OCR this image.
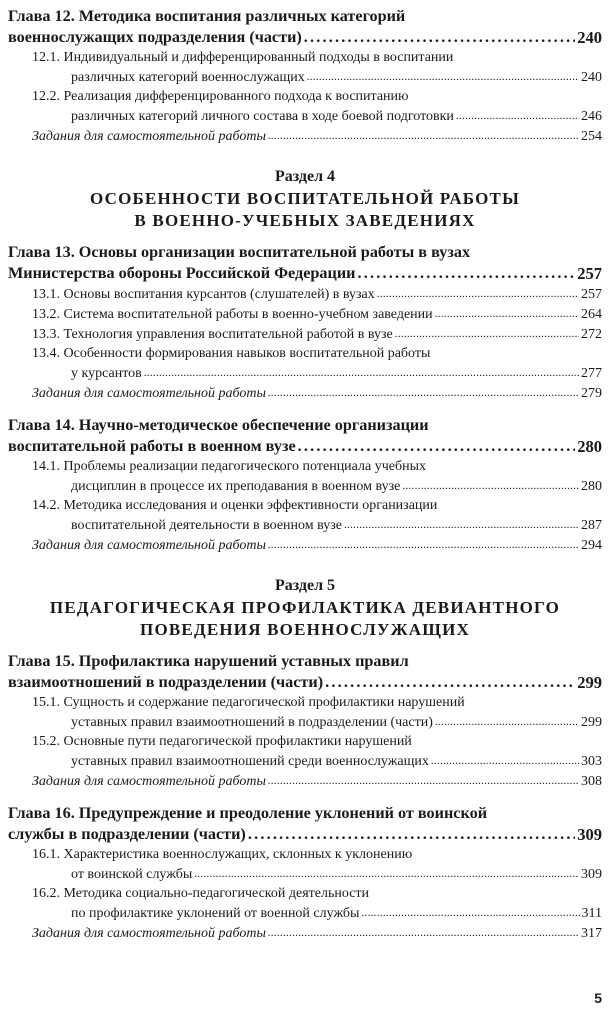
Глава 12. Методика воспитания различных категорий
военнослужащих подразделения (части) .....	240
12.1. Индивидуальный и дифференцированный подходы в воспитании
различных категорий военнослужащих .....	240
12.2. Реализация дифференцированного подхода к воспитанию
различных категорий личного состава в ходе боевой подготовки .....	246
Задания для самостоятельной работы .....	254
Раздел 4
ОСОБЕННОСТИ ВОСПИТАТЕЛЬНОЙ РАБОТЫ
В ВОЕННО-УЧЕБНЫХ ЗАВЕДЕНИЯХ
Глава 13. Основы организации воспитательной работы в вузах
Министерства обороны Российской Федерации .....	257
13.1. Основы воспитания курсантов (слушателей) в вузах .....	257
13.2. Система воспитательной работы в военно-учебном заведении .....	264
13.3. Технология управления воспитательной работой в вузе .....	272
13.4. Особенности формирования навыков воспитательной работы
у курсантов .....	277
Задания для самостоятельной работы .....	279
Глава 14. Научно-методическое обеспечение организации
воспитательной работы в военном вузе .....	280
14.1. Проблемы реализации педагогического потенциала учебных
дисциплин в процессе их преподавания в военном вузе .....	280
14.2. Методика исследования и оценки эффективности организации
воспитательной деятельности в военном вузе .....	287
Задания для самостоятельной работы .....	294
Раздел 5
ПЕДАГОГИЧЕСКАЯ ПРОФИЛАКТИКА ДЕВИАНТНОГО
ПОВЕДЕНИЯ ВОЕННОСЛУЖАЩИХ
Глава 15. Профилактика нарушений уставных правил
взаимоотношений в подразделении (части) .....	299
15.1. Сущность и содержание педагогической профилактики нарушений
уставных правил взаимоотношений в подразделении (части) .....	299
15.2. Основные пути педагогической профилактики нарушений
уставных правил взаимоотношений среди военнослужащих .....	303
Задания для самостоятельной работы .....	308
Глава 16. Предупреждение и преодоление уклонений от воинской
службы в подразделении (части) .....	309
16.1. Характеристика военнослужащих, склонных к уклонению
от воинской службы .....	309
16.2. Методика социально-педагогической деятельности
по профилактике уклонений от военной службы .....	311
Задания для самостоятельной работы .....	317
5
